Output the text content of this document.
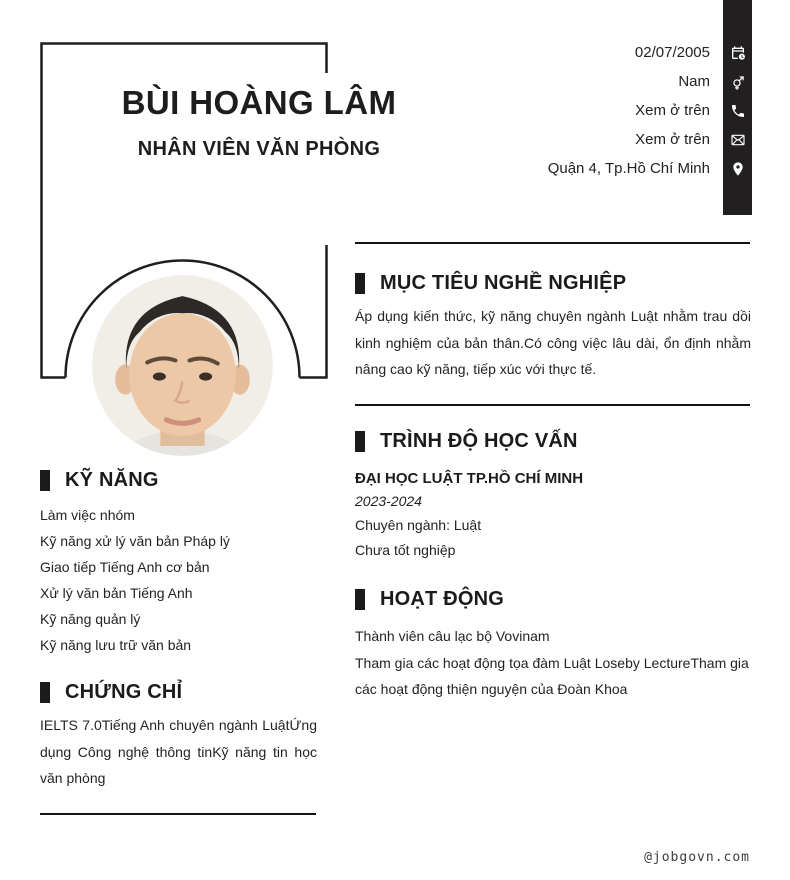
BÙI HOÀNG LÂM
NHÂN VIÊN VĂN PHÒNG
02/07/2005
Nam
Xem ở trên
Xem ở trên
Quận 4, Tp.Hồ Chí Minh
KỸ NĂNG
Làm việc nhóm
Kỹ năng xử lý văn bản Pháp lý
Giao tiếp Tiếng Anh cơ bản
Xử lý văn bản Tiếng Anh
Kỹ năng quản lý
Kỹ năng lưu trữ văn bản
CHỨNG CHỈ

IELTS 7.0Tiếng Anh chuyên ngành LuậtỨng dụng Công nghệ thông tinKỹ năng tin học văn phòng

MỤC TIÊU NGHỀ NGHIỆP

Áp dụng kiến thức, kỹ năng chuyên ngành Luật nhằm trau dồi kinh nghiệm của bản thân.Có công việc lâu dài, ổn định nhằm nâng cao kỹ năng, tiếp xúc với thực tế.

TRÌNH ĐỘ HỌC VẤN
ĐẠI HỌC LUẬT TP.HỒ CHÍ MINH
2023-2024
Chuyên ngành: Luật
Chưa tốt nghiệp
HOẠT ĐỘNG
Thành viên câu lạc bộ Vovinam
Tham gia các hoạt động tọa đàm Luật Loseby LectureTham gia các hoạt động thiện nguyện của Đoàn Khoa
@jobgovn.com
